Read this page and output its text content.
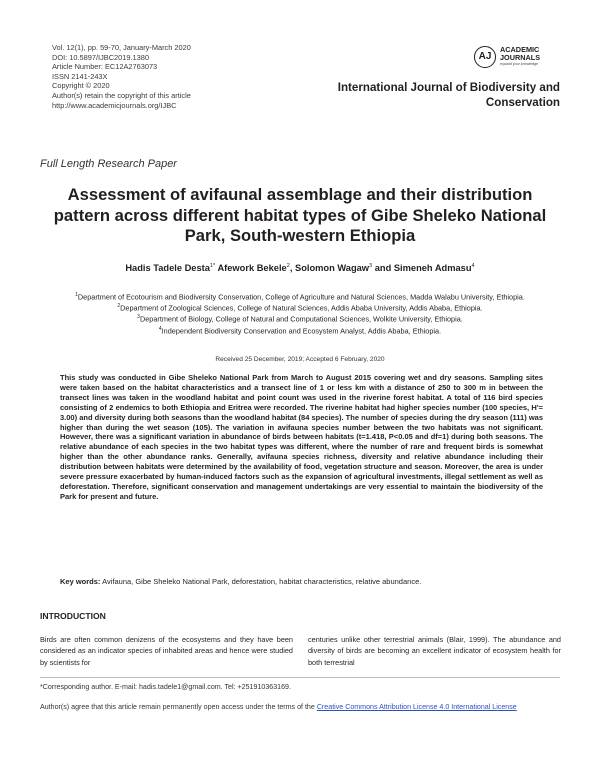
Vol. 12(1), pp. 59-70, January-March 2020
DOI: 10.5897/IJBC2019.1380
Article Number: EC12A2763073
ISSN 2141-243X
Copyright © 2020
Author(s) retain the copyright of this article
http://www.academicjournals.org/IJBC
AJ
ACADEMIC
JOURNALS
expand your knowledge
International Journal of Biodiversity and Conservation
Full Length Research Paper
Assessment of avifaunal assemblage and their distribution pattern across different habitat types of Gibe Sheleko National Park, South-western Ethiopia
Hadis Tadele Desta$^{1*}$ Afework Bekele$^2$, Solomon Wagaw$^3$ and Simeneh Admasu$^4$
$^1$Department of Ecotourism and Biodiversity Conservation, College of Agriculture and Natural Sciences, Madda Walabu University, Ethiopia.
$^2$Department of Zoological Sciences, College of Natural Sciences, Addis Ababa University, Addis Ababa, Ethiopia.
$^3$Department of Biology, College of Natural and Computational Sciences, Wolkite University, Ethiopia.
$^4$Independent Biodiversity Conservation and Ecosystem Analyst, Addis Ababa, Ethiopia.
Received 25 December, 2019; Accepted 6 February, 2020
This study was conducted in Gibe Sheleko National Park from March to August 2015 covering wet and dry seasons. Sampling sites were taken based on the habitat characteristics and a transect line of 1 or less km with a distance of 250 to 300 m in between the transect lines was taken in the woodland habitat and point count was used in the riverine forest habitat. A total of 116 bird species consisting of 2 endemics to both Ethiopia and Eritrea were recorded. The riverine habitat had higher species number (100 species, H'= 3.00) and diversity during both seasons than the woodland habitat (84 species). The number of species during the dry season (111) was higher than during the wet season (105). The variation in avifauna species number between the two habitats was not significant. However, there was a significant variation in abundance of birds between habitats (t=1.418, P<0.05 and df=1) during both seasons. The relative abundance of each species in the two habitat types was different, where the number of rare and frequent birds is somewhat higher than the other abundance ranks. Generally, avifauna species richness, diversity and relative abundance including their distribution between habitats were determined by the availability of food, vegetation structure and season. Moreover, the area is under severe pressure exacerbated by human-induced factors such as the expansion of agricultural investments, illegal settlement as well as deforestation. Therefore, significant conservation and management undertakings are very essential to maintain the biodiversity of the Park for present and future.
Key words: Avifauna, Gibe Sheleko National Park, deforestation, habitat characteristics, relative abundance.
INTRODUCTION
Birds are often common denizens of the ecosystems and they have been considered as an indicator species of inhabited areas and hence were studied by scientists for
centuries unlike other terrestrial animals (Blair, 1999). The abundance and diversity of birds are becoming an excellent indicator of ecosystem health for both terrestrial
*Corresponding author. E-mail: hadis.tadele1@gmail.com. Tel: +251910363169.
Author(s) agree that this article remain permanently open access under the terms of the Creative Commons Attribution License 4.0 International License
